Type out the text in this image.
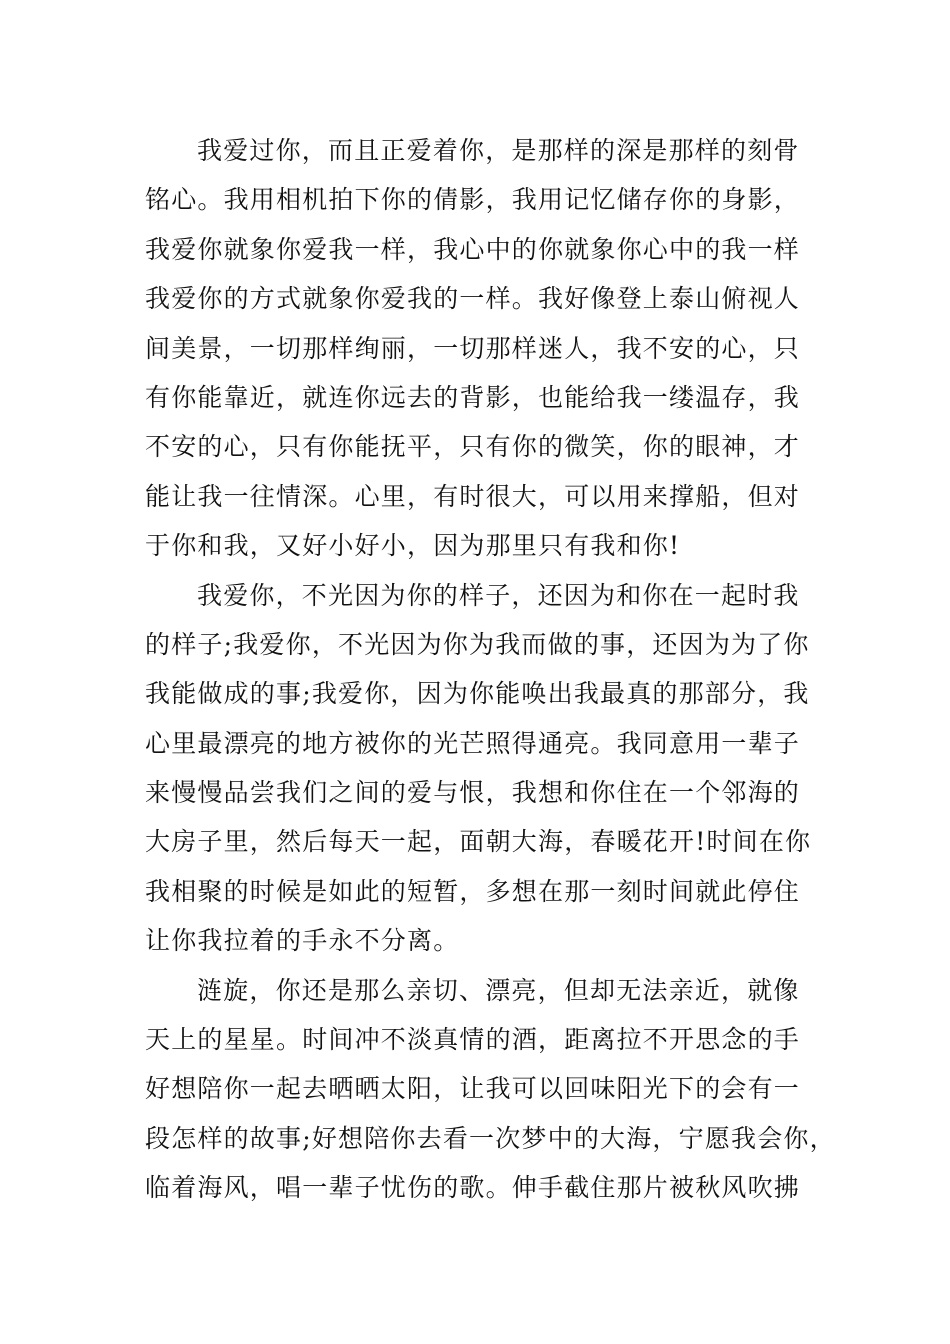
我爱过你，而且正爱着你，是那样的深是那样的刻骨
铭心。我用相机拍下你的倩影，我用记忆储存你的身影，
我爱你就象你爱我一样，我心中的你就象你心中的我一样
我爱你的方式就象你爱我的一样。我好像登上泰山俯视人
间美景，一切那样绚丽，一切那样迷人，我不安的心，只
有你能靠近，就连你远去的背影，也能给我一缕温存，我
不安的心，只有你能抚平，只有你的微笑，你的眼神，才
能让我一往情深。心里，有时很大，可以用来撑船，但对
于你和我，又好小好小，因为那里只有我和你!

我爱你，不光因为你的样子，还因为和你在一起时我
的样子;我爱你，不光因为你为我而做的事，还因为为了你
我能做成的事;我爱你，因为你能唤出我最真的那部分，我
心里最漂亮的地方被你的光芒照得通亮。我同意用一辈子
来慢慢品尝我们之间的爱与恨，我想和你住在一个邻海的
大房子里，然后每天一起，面朝大海，春暖花开!时间在你
我相聚的时候是如此的短暂，多想在那一刻时间就此停住
让你我拉着的手永不分离。

涟旋，你还是那么亲切、漂亮，但却无法亲近，就像
天上的星星。时间冲不淡真情的酒，距离拉不开思念的手
好想陪你一起去晒晒太阳，让我可以回味阳光下的会有一
段怎样的故事;好想陪你去看一次梦中的大海，宁愿我会你，
临着海风，唱一辈子忧伤的歌。伸手截住那片被秋风吹拂
